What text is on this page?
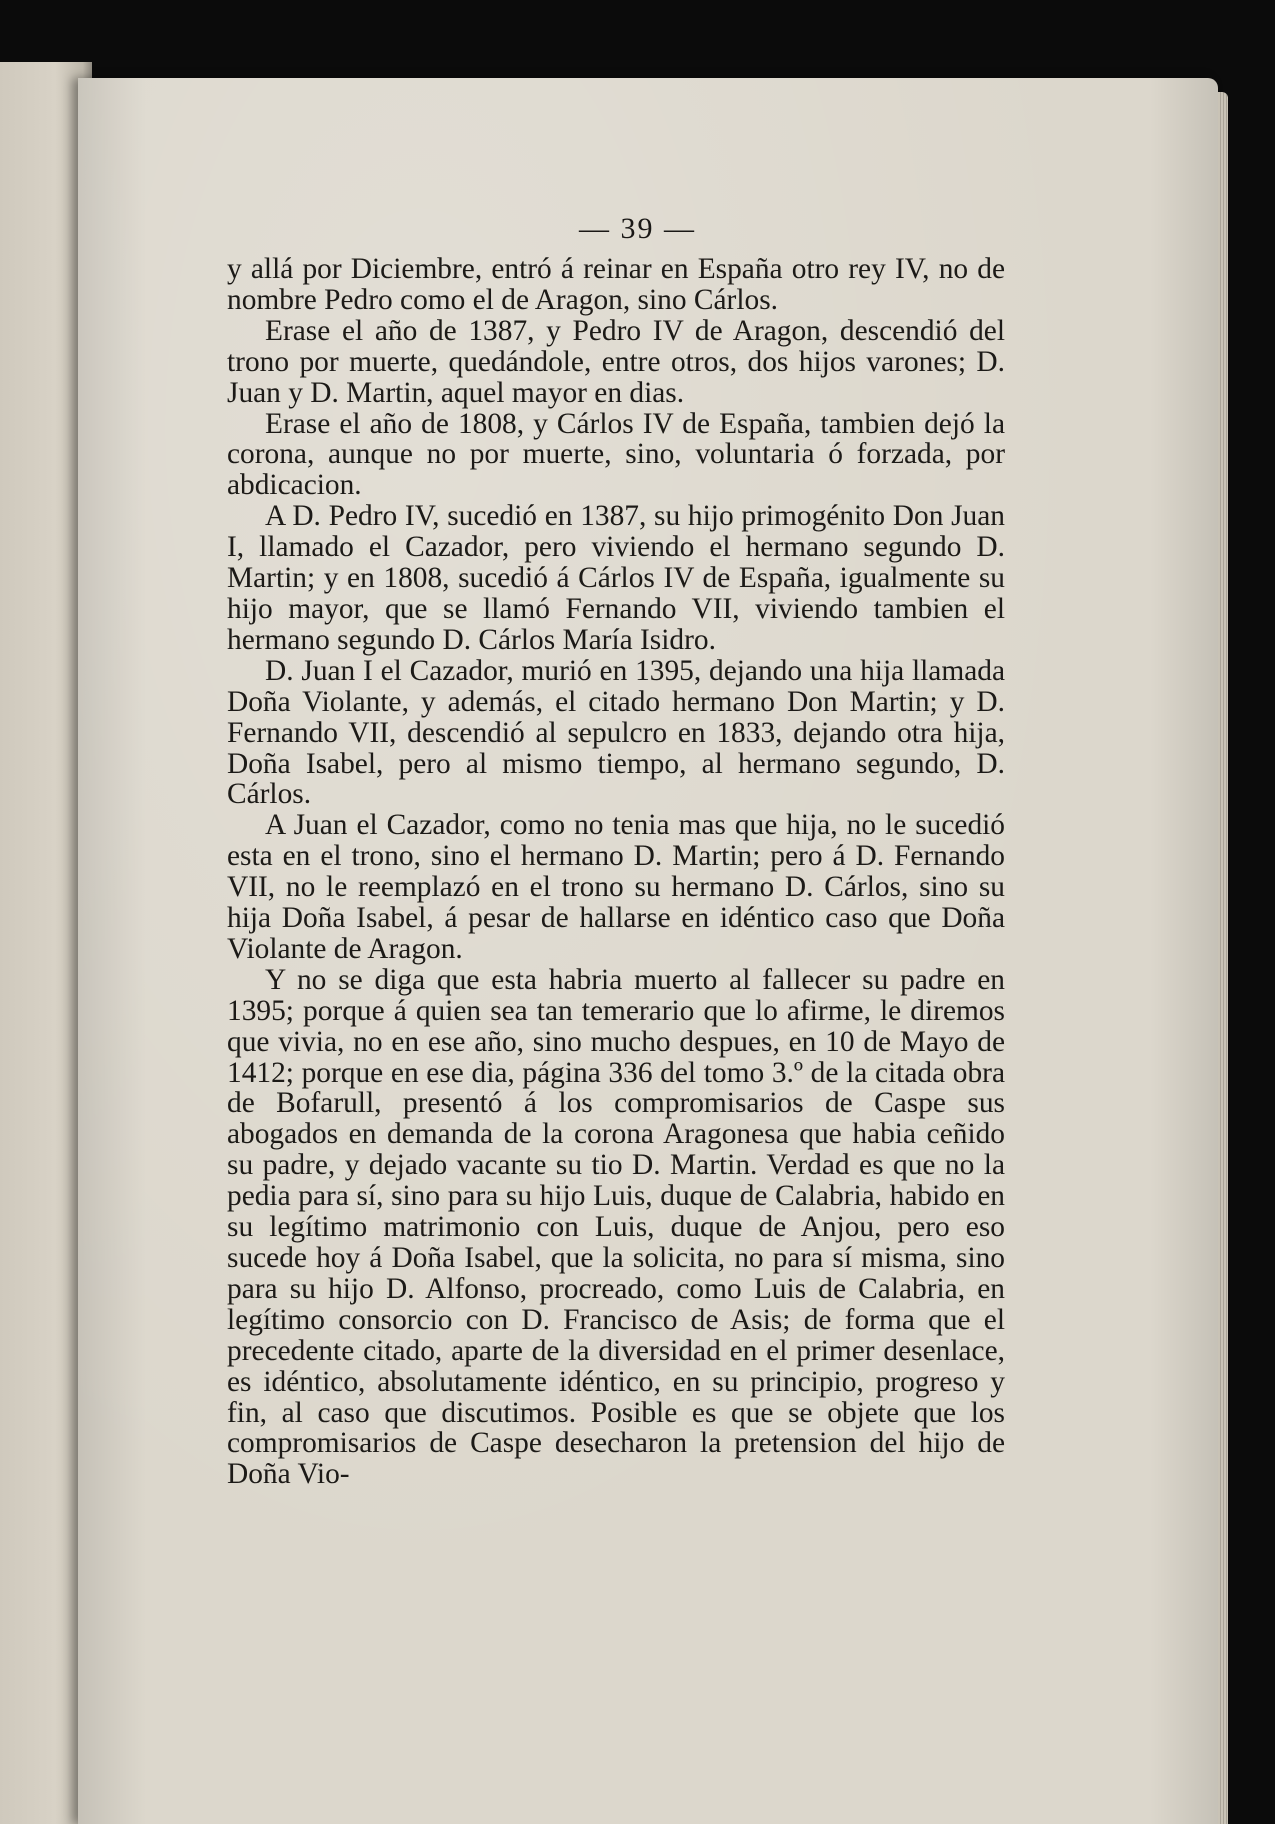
— 39 —

y allá por Diciembre, entró á reinar en España otro rey IV, no de nombre Pedro como el de Aragon, sino Cárlos.

Erase el año de 1387, y Pedro IV de Aragon, descendió del trono por muerte, quedándole, entre otros, dos hijos varones; D. Juan y D. Martin, aquel mayor en dias.

Erase el año de 1808, y Cárlos IV de España, tambien dejó la corona, aunque no por muerte, sino, voluntaria ó forzada, por abdicacion.

A D. Pedro IV, sucedió en 1387, su hijo primogénito Don Juan I, llamado el Cazador, pero viviendo el hermano segundo D. Martin; y en 1808, sucedió á Cárlos IV de España, igualmente su hijo mayor, que se llamó Fernando VII, viviendo tambien el hermano segundo D. Cárlos María Isidro.

D. Juan I el Cazador, murió en 1395, dejando una hija llamada Doña Violante, y además, el citado hermano Don Martin; y D. Fernando VII, descendió al sepulcro en 1833, dejando otra hija, Doña Isabel, pero al mismo tiempo, al hermano segundo, D. Cárlos.

A Juan el Cazador, como no tenia mas que hija, no le sucedió esta en el trono, sino el hermano D. Martin; pero á D. Fernando VII, no le reemplazó en el trono su hermano D. Cárlos, sino su hija Doña Isabel, á pesar de hallarse en idéntico caso que Doña Violante de Aragon.

Y no se diga que esta habria muerto al fallecer su padre en 1395; porque á quien sea tan temerario que lo afirme, le diremos que vivia, no en ese año, sino mucho despues, en 10 de Mayo de 1412; porque en ese dia, página 336 del tomo 3.º de la citada obra de Bofarull, presentó á los compromisarios de Caspe sus abogados en demanda de la corona Aragonesa que habia ceñido su padre, y dejado vacante su tio D. Martin. Verdad es que no la pedia para sí, sino para su hijo Luis, duque de Calabria, habido en su legítimo matrimonio con Luis, duque de Anjou, pero eso sucede hoy á Doña Isabel, que la solicita, no para sí misma, sino para su hijo D. Alfonso, procreado, como Luis de Calabria, en legítimo consorcio con D. Francisco de Asis; de forma que el precedente citado, aparte de la diversidad en el primer desenlace, es idéntico, absolutamente idéntico, en su principio, progreso y fin, al caso que discutimos. Posible es que se objete que los compromisarios de Caspe desecharon la pretension del hijo de Doña Vio-
